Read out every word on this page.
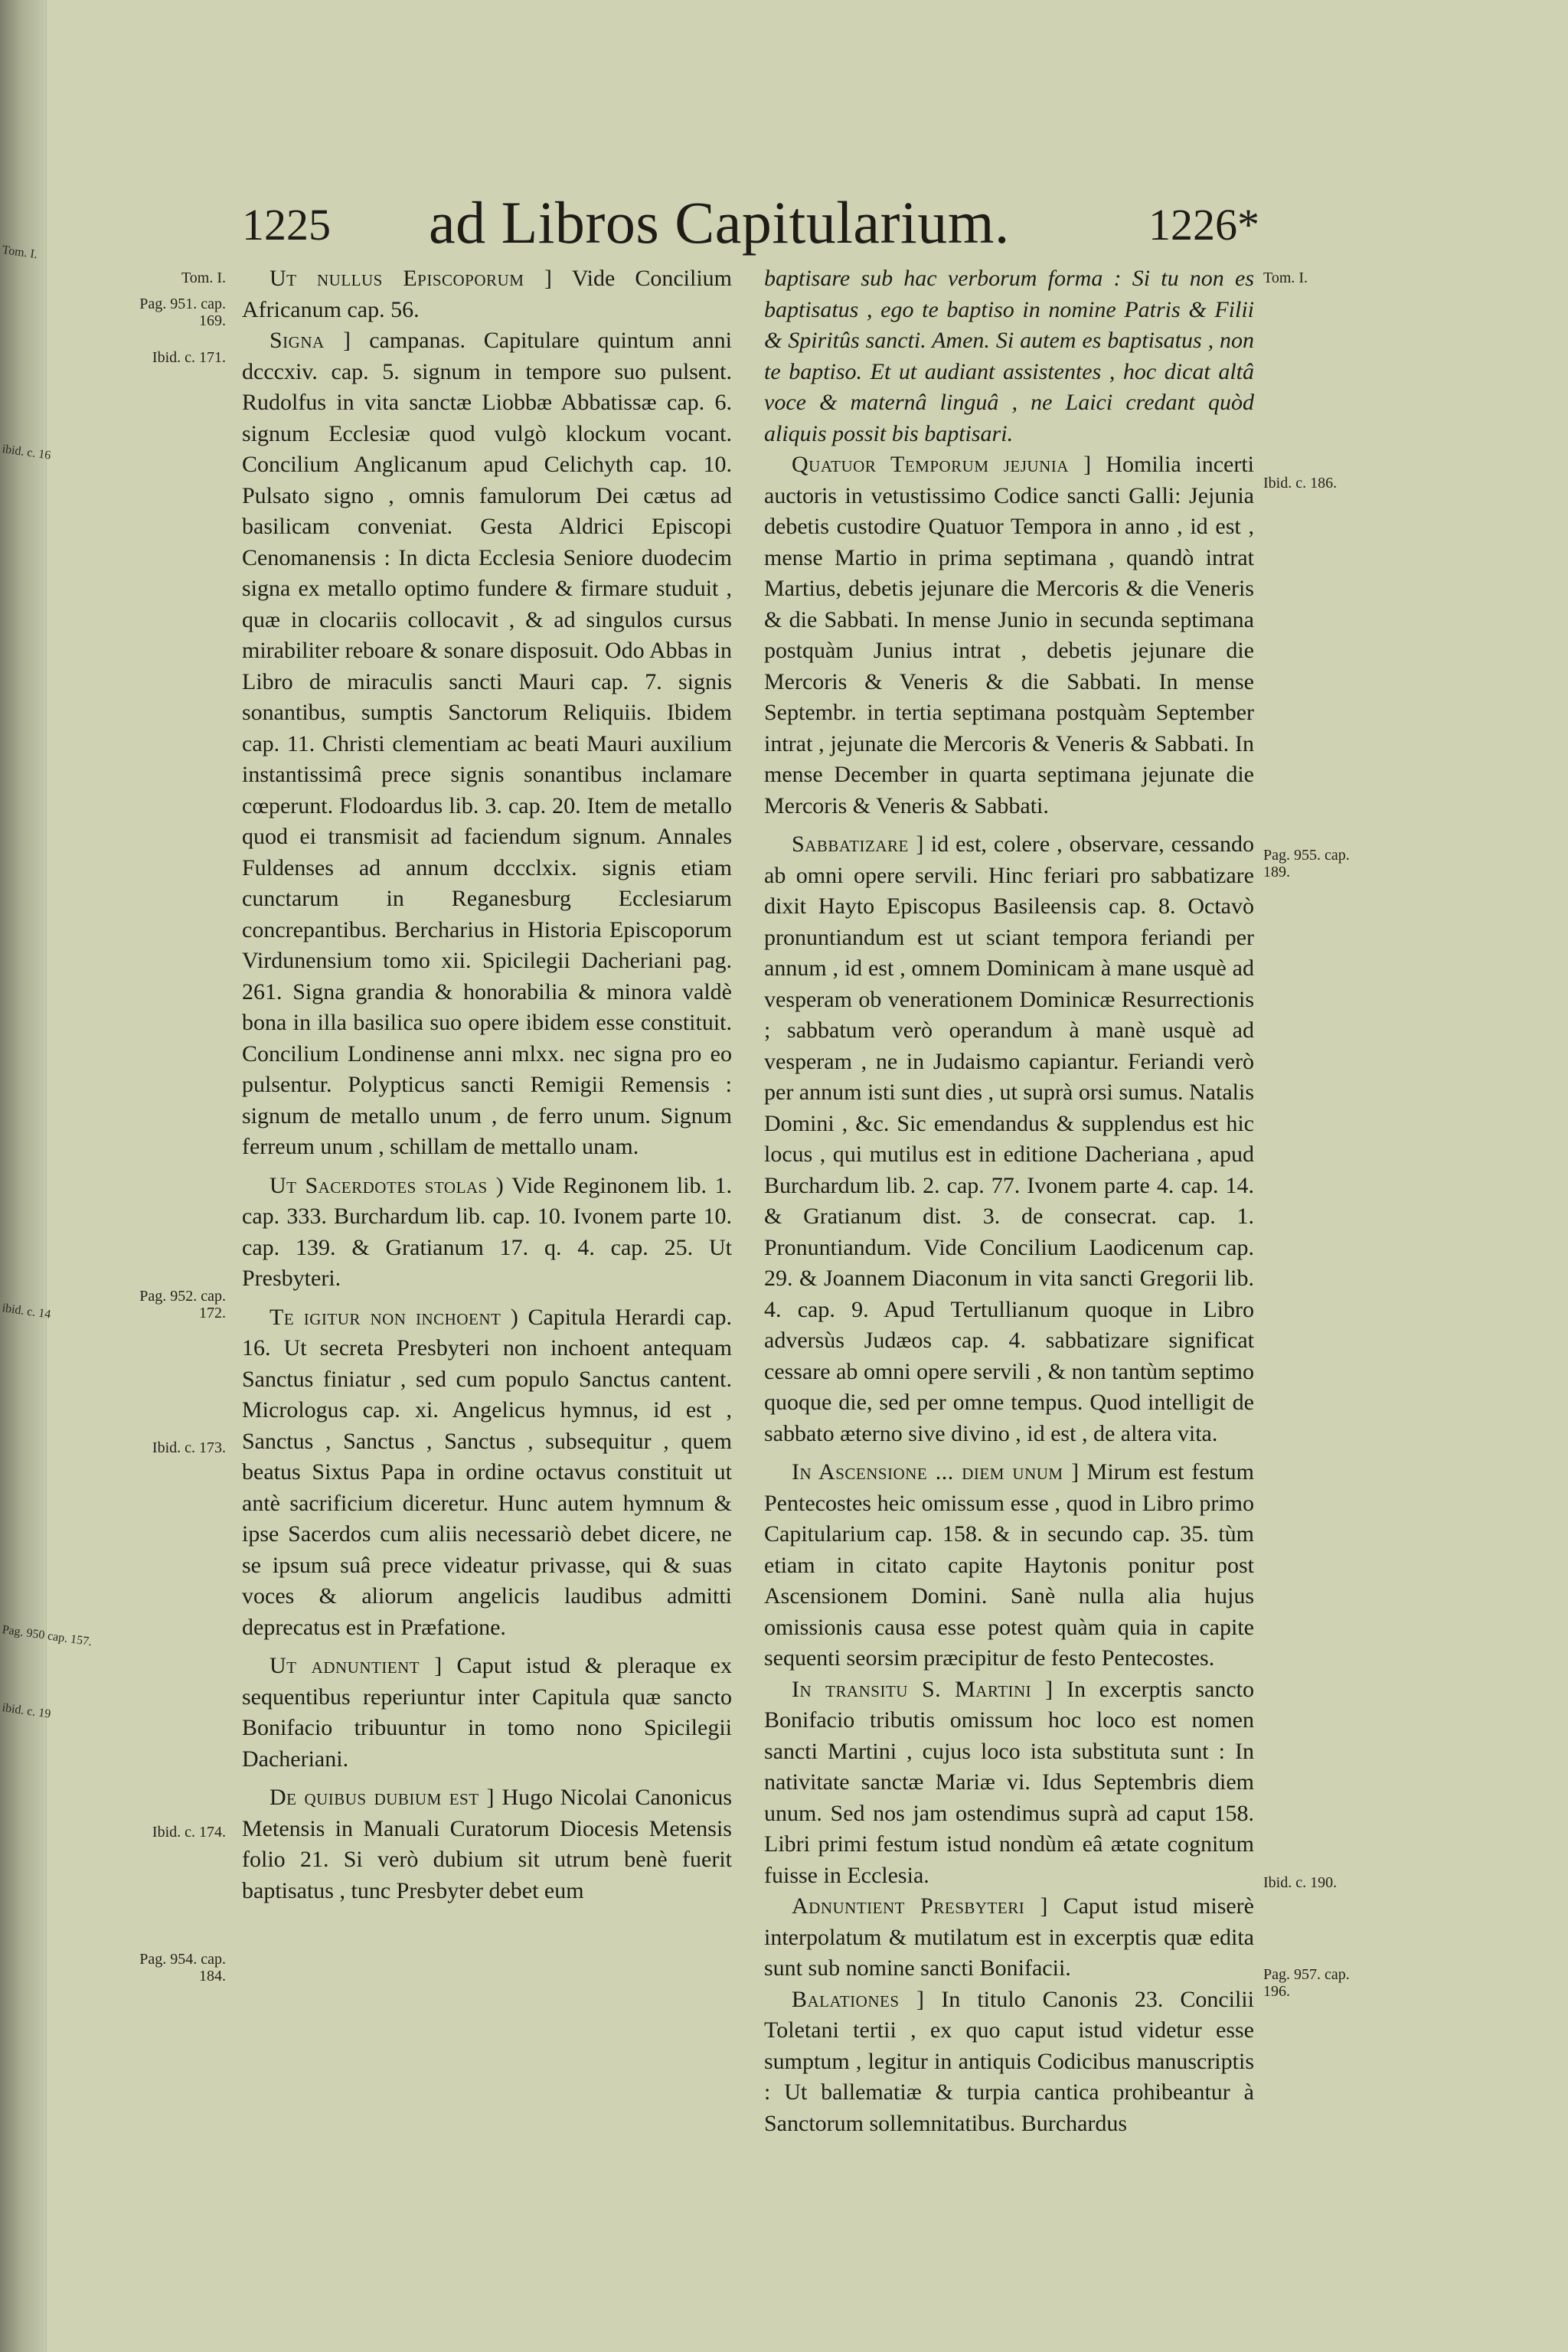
Tom. I.
ibid. c. 16
ibid. c. 14
Pag. 950 cap. 157.
ibid. c. 19
1225 ad Libros Capitularium.	1226*
Tom. I.
Pag. 951. cap. 169.
Ibid. c. 171.
Pag. 952. cap. 172.
Ibid. c. 173.
Ibid. c. 174.
Pag. 954. cap. 184.
Tom. I.
Ibid. c. 186.
Pag. 955. cap. 189.
Ibid. c. 190.
Pag. 957. cap. 196.

Ut nullus Episcoporum ] Vide Concilium Africanum cap. 56.

Signa ] campanas. Capitulare quintum anni dcccxiv. cap. 5. signum in tempore suo pulsent. Rudolfus in vita sanctæ Liobbæ Abbatissæ cap. 6. signum Ecclesiæ quod vulgò klockum vocant. Concilium Anglicanum apud Celichyth cap. 10. Pulsato signo , omnis famulorum Dei cætus ad basilicam conveniat. Gesta Aldrici Episcopi Cenomanensis : In dicta Ecclesia Seniore duodecim signa ex metallo optimo fundere & firmare studuit , quæ in clocariis collocavit , & ad singulos cursus mirabiliter reboare & sonare disposuit. Odo Abbas in Libro de miraculis sancti Mauri cap. 7. signis sonantibus, sumptis Sanctorum Reliquiis. Ibidem cap. 11. Christi clementiam ac beati Mauri auxilium instantissimâ prece signis sonantibus inclamare cœperunt. Flodoardus lib. 3. cap. 20. Item de metallo quod ei transmisit ad faciendum signum. Annales Fuldenses ad annum dccclxix. signis etiam cunctarum in Reganesburg Ecclesiarum concrepantibus. Bercharius in Historia Episcoporum Virdunensium tomo xii. Spicilegii Dacheriani pag. 261. Signa grandia & honorabilia & minora valdè bona in illa basilica suo opere ibidem esse constituit. Concilium Londinense anni mlxx. nec signa pro eo pulsentur. Polypticus sancti Remigii Remensis : signum de metallo unum , de ferro unum. Signum ferreum unum , schillam de mettallo unam.

Ut Sacerdotes stolas ) Vide Reginonem lib. 1. cap. 333. Burchardum lib. cap. 10. Ivonem parte 10. cap. 139. & Gratianum 17. q. 4. cap. 25. Ut Presbyteri.

Te igitur non inchoent ) Capitula Herardi cap. 16. Ut secreta Presbyteri non inchoent antequam Sanctus finiatur , sed cum populo Sanctus cantent. Micrologus cap. xi. Angelicus hymnus, id est , Sanctus , Sanctus , Sanctus , subsequitur , quem beatus Sixtus Papa in ordine octavus constituit ut antè sacrificium diceretur. Hunc autem hymnum & ipse Sacerdos cum aliis necessariò debet dicere, ne se ipsum suâ prece videatur privasse, qui & suas voces & aliorum angelicis laudibus admitti deprecatus est in Præfatione.

Ut adnuntient ] Caput istud & pleraque ex sequentibus reperiuntur inter Capitula quæ sancto Bonifacio tribuuntur in tomo nono Spicilegii Dacheriani.

De quibus dubium est ] Hugo Nicolai Canonicus Metensis in Manuali Curatorum Diocesis Metensis folio 21. Si verò dubium sit utrum benè fuerit baptisatus , tunc Presbyter debet eum

baptisare sub hac verborum forma : Si tu non es baptisatus , ego te baptiso in nomine Patris & Filii & Spiritûs sancti. Amen. Si autem es baptisatus , non te baptiso. Et ut audiant assistentes , hoc dicat altâ voce & maternâ linguâ , ne Laici credant quòd aliquis possit bis baptisari.

Quatuor Temporum jejunia ] Homilia incerti auctoris in vetustissimo Codice sancti Galli: Jejunia debetis custodire Quatuor Tempora in anno , id est , mense Martio in prima septimana , quandò intrat Martius, debetis jejunare die Mercoris & die Veneris & die Sabbati. In mense Junio in secunda septimana postquàm Junius intrat , debetis jejunare die Mercoris & Veneris & die Sabbati. In mense Septembr. in tertia septimana postquàm September intrat , jejunate die Mercoris & Veneris & Sabbati. In mense December in quarta septimana jejunate die Mercoris & Veneris & Sabbati.

Sabbatizare ] id est, colere , observare, cessando ab omni opere servili. Hinc feriari pro sabbatizare dixit Hayto Episcopus Basileensis cap. 8. Octavò pronuntiandum est ut sciant tempora feriandi per annum , id est , omnem Dominicam à mane usquè ad vesperam ob venerationem Dominicæ Resurrectionis ; sabbatum verò operandum à manè usquè ad vesperam , ne in Judaismo capiantur. Feriandi verò per annum isti sunt dies , ut suprà orsi sumus. Natalis Domini , &c. Sic emendandus & supplendus est hic locus , qui mutilus est in editione Dacheriana , apud Burchardum lib. 2. cap. 77. Ivonem parte 4. cap. 14. & Gratianum dist. 3. de consecrat. cap. 1. Pronuntiandum. Vide Concilium Laodicenum cap. 29. & Joannem Diaconum in vita sancti Gregorii lib. 4. cap. 9. Apud Tertullianum quoque in Libro adversùs Judæos cap. 4. sabbatizare significat cessare ab omni opere servili , & non tantùm septimo quoque die, sed per omne tempus. Quod intelligit de sabbato æterno sive divino , id est , de altera vita.

In Ascensione ... diem unum ] Mirum est festum Pentecostes heic omissum esse , quod in Libro primo Capitularium cap. 158. & in secundo cap. 35. tùm etiam in citato capite Haytonis ponitur post Ascensionem Domini. Sanè nulla alia hujus omissionis causa esse potest quàm quia in capite sequenti seorsim præcipitur de festo Pentecostes.

In transitu S. Martini ] In excerptis sancto Bonifacio tributis omissum hoc loco est nomen sancti Martini , cujus loco ista substituta sunt : In nativitate sanctæ Mariæ vi. Idus Septembris diem unum. Sed nos jam ostendimus suprà ad caput 158. Libri primi festum istud nondùm eâ ætate cognitum fuisse in Ecclesia.

Adnuntient Presbyteri ] Caput istud miserè interpolatum & mutilatum est in excerptis quæ edita sunt sub nomine sancti Bonifacii.

Balationes ] In titulo Canonis 23. Concilii Toletani tertii , ex quo caput istud videtur esse sumptum , legitur in antiquis Codicibus manuscriptis : Ut ballematiæ & turpia cantica prohibeantur à Sanctorum sollemnitatibus. Burchardus
